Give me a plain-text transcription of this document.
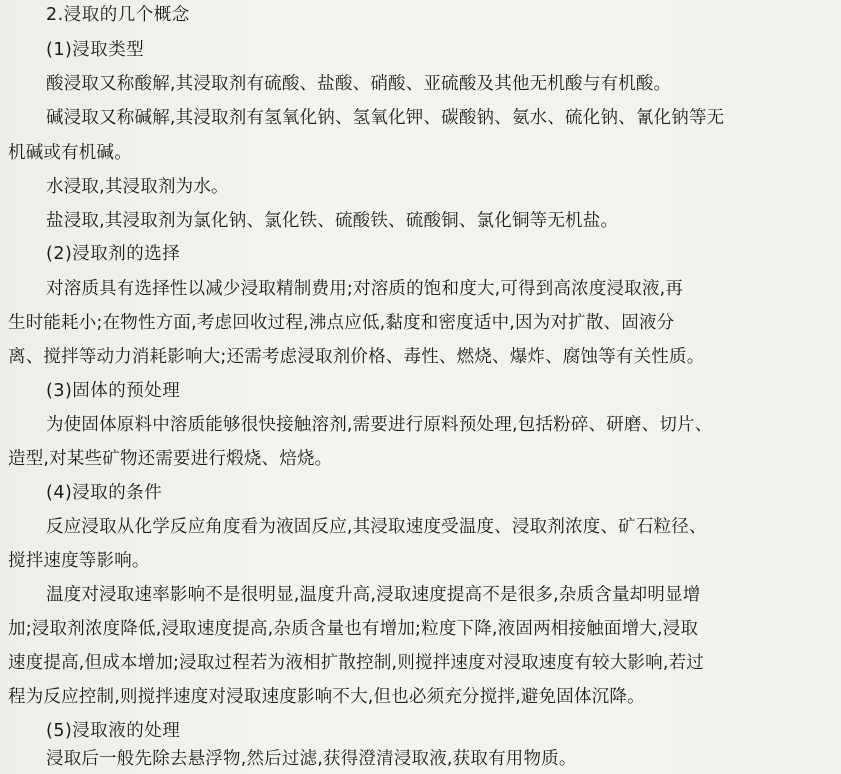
2.浸取的几个概念
(1)浸取类型
酸浸取又称酸解,其浸取剂有硫酸、盐酸、硝酸、亚硫酸及其他无机酸与有机酸。
碱浸取又称碱解,其浸取剂有氢氧化钠、氢氧化钾、碳酸钠、氨水、硫化钠、氰化钠等无
机碱或有机碱。
水浸取,其浸取剂为水。
盐浸取,其浸取剂为氯化钠、氯化铁、硫酸铁、硫酸铜、氯化铜等无机盐。
(2)浸取剂的选择
对溶质具有选择性以减少浸取精制费用;对溶质的饱和度大,可得到高浓度浸取液,再
生时能耗小;在物性方面,考虑回收过程,沸点应低,黏度和密度适中,因为对扩散、固液分
离、搅拌等动力消耗影响大;还需考虑浸取剂价格、毒性、燃烧、爆炸、腐蚀等有关性质。
(3)固体的预处理
为使固体原料中溶质能够很快接触溶剂,需要进行原料预处理,包括粉碎、研磨、切片、
造型,对某些矿物还需要进行煅烧、焙烧。
(4)浸取的条件
反应浸取从化学反应角度看为液固反应,其浸取速度受温度、浸取剂浓度、矿石粒径、
搅拌速度等影响。
温度对浸取速率影响不是很明显,温度升高,浸取速度提高不是很多,杂质含量却明显增
加;浸取剂浓度降低,浸取速度提高,杂质含量也有增加;粒度下降,液固两相接触面增大,浸取
速度提高,但成本增加;浸取过程若为液相扩散控制,则搅拌速度对浸取速度有较大影响,若过
程为反应控制,则搅拌速度对浸取速度影响不大,但也必须充分搅拌,避免固体沉降。
(5)浸取液的处理
浸取后一般先除去悬浮物,然后过滤,获得澄清浸取液,获取有用物质。
